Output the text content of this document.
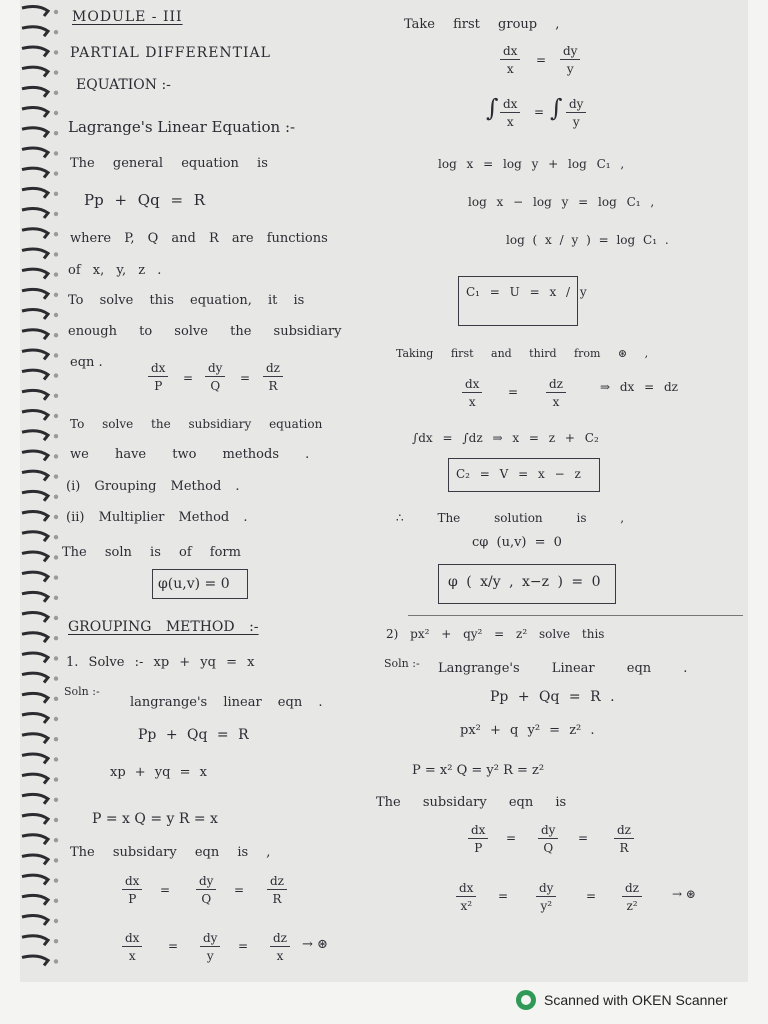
MODULE - III
PARTIAL DIFFERENTIAL
EQUATION :-
Lagrange's Linear Equation :-
The general equation is
Pp + Qq = R
where P, Q and R are functions
of x, y, z .
To solve this equation, it is
enough to solve the subsidiary
eqn .	$\frac{dx}{P} = \frac{dy}{Q} = \frac{dz}{R}$
To solve the subsidiary equation
we have two methods .
(i) Grouping Method .
(ii) Multiplier Method .
The soln is of form
φ(u,v) = 0
GROUPING METHOD :-
1. Solve :- xp + yq = x
Soln :-
langrange's linear eqn .
Pp + Qq = R
xp + yq = x
P = x Q = y R = x
The subsidary eqn is ,
$\frac{dx}{P} = \frac{dy}{Q} = \frac{dz}{R}$
$\frac{dx}{x} = \frac{dy}{y} = \frac{dz}{x}$ → ⊛
Take first group ,
$\frac{dx}{x} = \frac{dy}{y}$
∫ $\frac{dx}{x}$ = ∫ $\frac{dy}{y}$
log x = log y + log C₁ ,
log x − log y = log C₁ ,
log ( x / y ) = log C₁ .
C₁ = U = x / y
Taking first and third from ⊛ ,
$\frac{dx}{x} = \frac{dz}{x}$	⇒ dx = dz
∫dx = ∫dz ⇒ x = z + C₂
C₂ = V = x − z
∴ The solution is ,
cφ (u,v) = 0
φ ( x/y , x−z ) = 0
2) px² + qy² = z² solve this
Soln :- Langrange's Linear eqn .
Pp + Qq = R .
px² + q y² = z² .
P = x² Q = y² R = z²
The subsidary eqn is
$\frac{dx}{P} = \frac{dy}{Q} = \frac{dz}{R}$
$\frac{dx}{\text{x²}} = \frac{dy}{\text{y²}} = \frac{dz}{\text{z²}}$ → ⊛
Scanned with OKEN Scanner
